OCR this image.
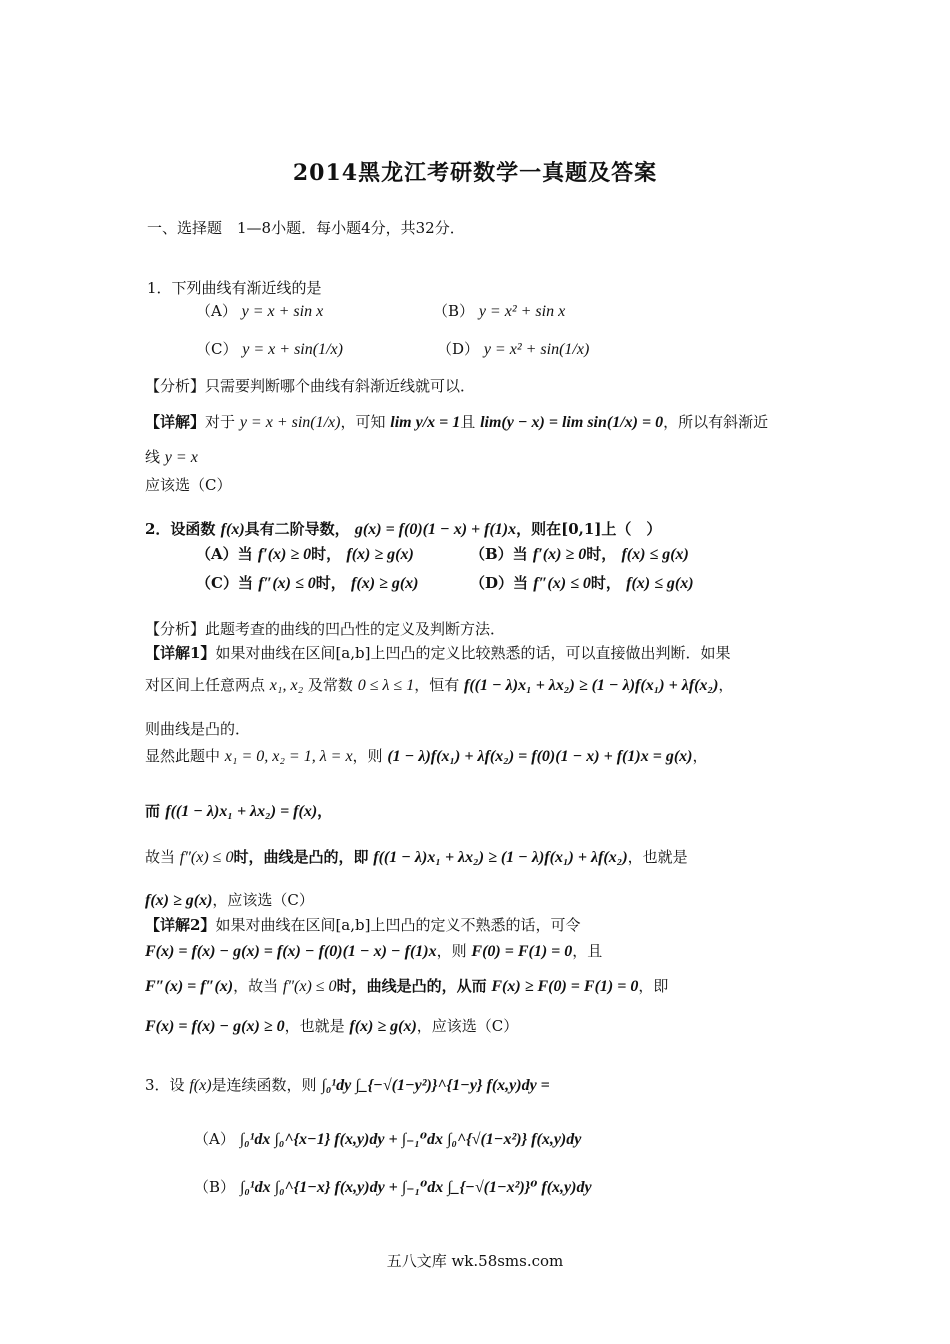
2014黑龙江考研数学一真题及答案
一、选择题　1—8小题．每小题4分，共32分．
1．下列曲线有渐近线的是
（A） y = x + sin x	（B） y = x² + sin x
（C） y = x + sin(1/x)	（D） y = x² + sin(1/x)
【分析】只需要判断哪个曲线有斜渐近线就可以．
【详解】对于 y = x + sin(1/x)，可知 lim y/x = 1且 lim(y − x) = lim sin(1/x) = 0，所以有斜渐近
线 y = x
应该选（C）
2．设函数 f(x)具有二阶导数， g(x) = f(0)(1 − x) + f(1)x，则在[0,1]上（　）
（A）当 f′(x) ≥ 0时， f(x) ≥ g(x)	（B）当 f′(x) ≥ 0时， f(x) ≤ g(x)
（C）当 f″(x) ≤ 0时， f(x) ≥ g(x)	（D）当 f″(x) ≤ 0时， f(x) ≤ g(x)
【分析】此题考查的曲线的凹凸性的定义及判断方法．
【详解1】如果对曲线在区间[a,b]上凹凸的定义比较熟悉的话，可以直接做出判断．如果
对区间上任意两点 x₁, x₂ 及常数 0 ≤ λ ≤ 1，恒有 f((1 − λ)x₁ + λx₂) ≥ (1 − λ)f(x₁) + λf(x₂)，
则曲线是凸的．
显然此题中 x₁ = 0, x₂ = 1, λ = x，则 (1 − λ)f(x₁) + λf(x₂) = f(0)(1 − x) + f(1)x = g(x)，
而 f((1 − λ)x₁ + λx₂) = f(x)，
故当 f″(x) ≤ 0时，曲线是凸的，即 f((1 − λ)x₁ + λx₂) ≥ (1 − λ)f(x₁) + λf(x₂)，也就是
f(x) ≥ g(x)，应该选（C）
【详解2】如果对曲线在区间[a,b]上凹凸的定义不熟悉的话，可令
F(x) = f(x) − g(x) = f(x) − f(0)(1 − x) − f(1)x，则 F(0) = F(1) = 0，且
F″(x) = f″(x)，故当 f″(x) ≤ 0时，曲线是凸的，从而 F(x) ≥ F(0) = F(1) = 0，即
F(x) = f(x) − g(x) ≥ 0，也就是 f(x) ≥ g(x)，应该选（C）
3．设 f(x)是连续函数，则 ∫₀¹dy ∫_{−√(1−y²)}^{1−y} f(x,y)dy =
（A） ∫₀¹dx ∫₀^{x−1} f(x,y)dy + ∫₋₁⁰dx ∫₀^{√(1−x²)} f(x,y)dy
（B） ∫₀¹dx ∫₀^{1−x} f(x,y)dy + ∫₋₁⁰dx ∫_{−√(1−x²)}⁰ f(x,y)dy
五八文库 wk.58sms.com
